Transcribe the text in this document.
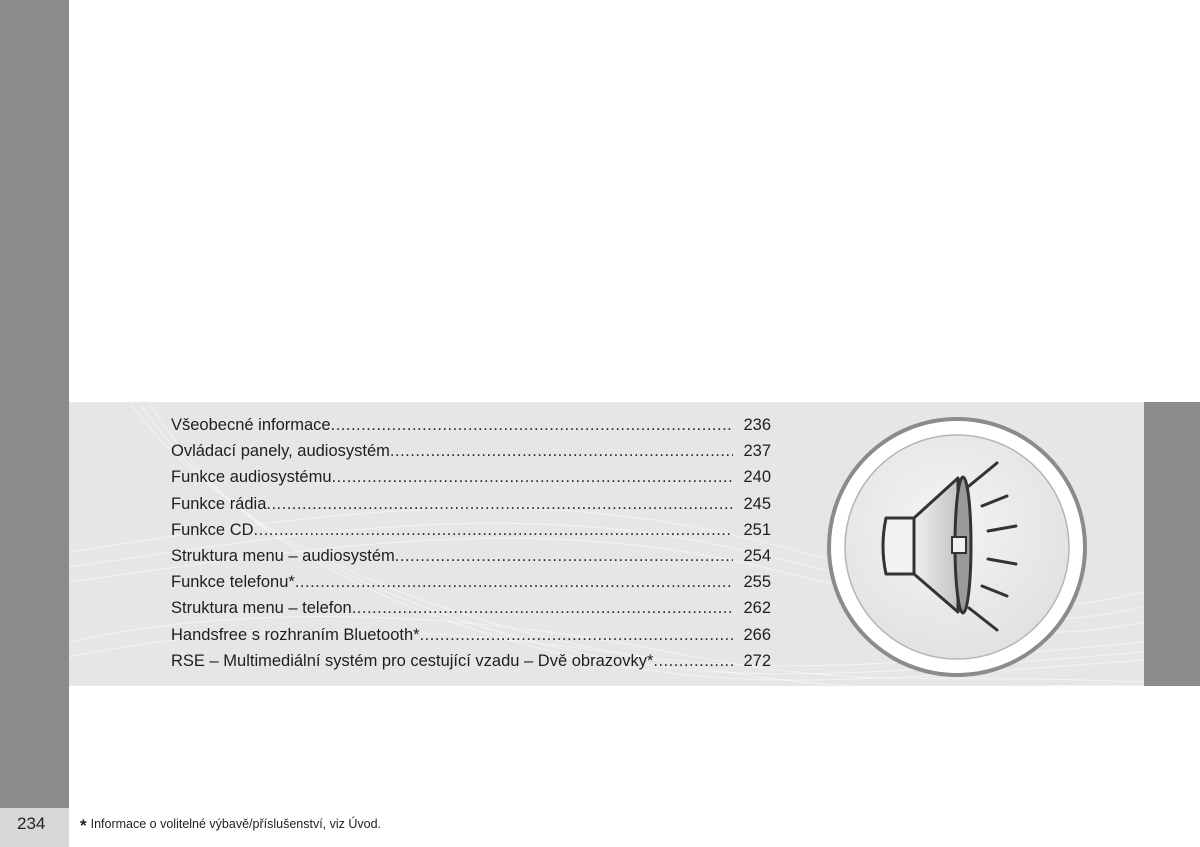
234
Všeobecné informace .....	236
Ovládací panely, audiosystém .....	237
Funkce audiosystému .....	240
Funkce rádia .....	245
Funkce CD .....	251
Struktura menu – audiosystém .....	254
Funkce telefonu* .....	255
Struktura menu – telefon .....	262
Handsfree s rozhraním Bluetooth* .....	266
RSE – Multimediální systém pro cestující vzadu – Dvě obrazovky* .....	272
* Informace o volitelné výbavě/příslušenství, viz Úvod.
